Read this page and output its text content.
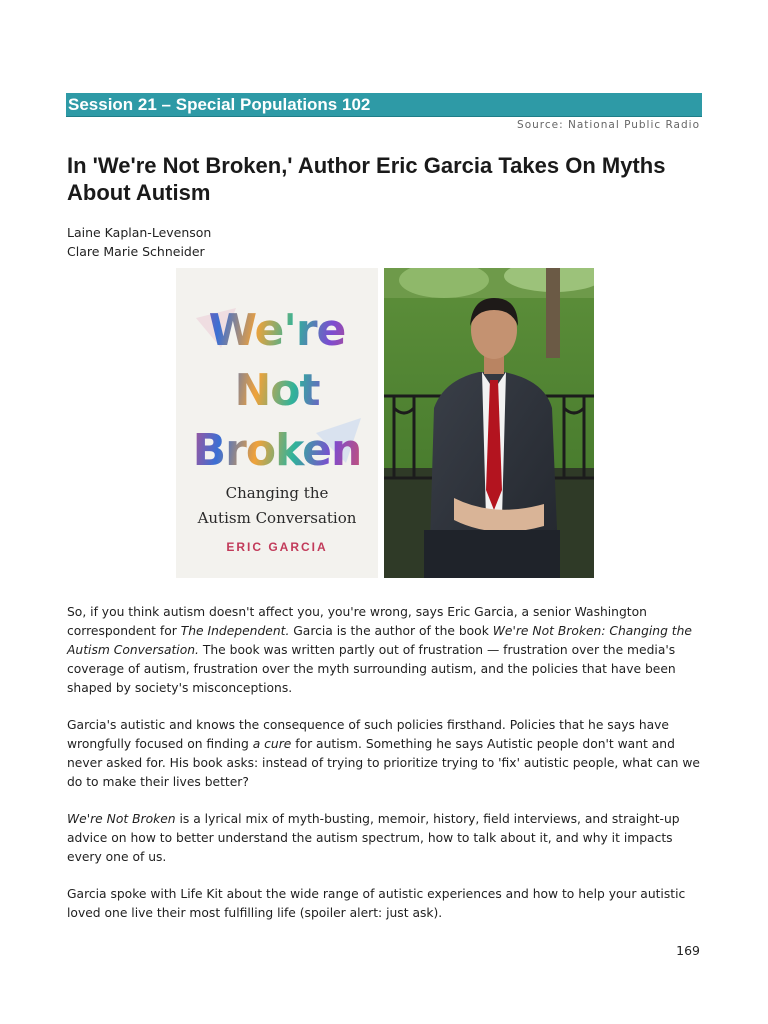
Session 21 – Special Populations 102
Source: National Public Radio
In 'We're Not Broken,' Author Eric Garcia Takes On Myths About Autism
Laine Kaplan-Levenson
Clare Marie Schneider
We're
Not
Broken
Changing the
Autism Conversation
ERIC GARCIA

So, if you think autism doesn't affect you, you're wrong, says Eric Garcia, a senior Washington correspondent for The Independent. Garcia is the author of the book We're Not Broken: Changing the Autism Conversation. The book was written partly out of frustration — frustration over the media's coverage of autism, frustration over the myth surrounding autism, and the policies that have been shaped by society's misconceptions.

Garcia's autistic and knows the consequence of such policies firsthand. Policies that he says have wrongfully focused on finding a cure for autism. Something he says Autistic people don't want and never asked for. His book asks: instead of trying to prioritize trying to 'fix' autistic people, what can we do to make their lives better?

We're Not Broken is a lyrical mix of myth-busting, memoir, history, field interviews, and straight-up advice on how to better understand the autism spectrum, how to talk about it, and why it impacts every one of us.

Garcia spoke with Life Kit about the wide range of autistic experiences and how to help your autistic loved one live their most fulfilling life (spoiler alert: just ask).

169
